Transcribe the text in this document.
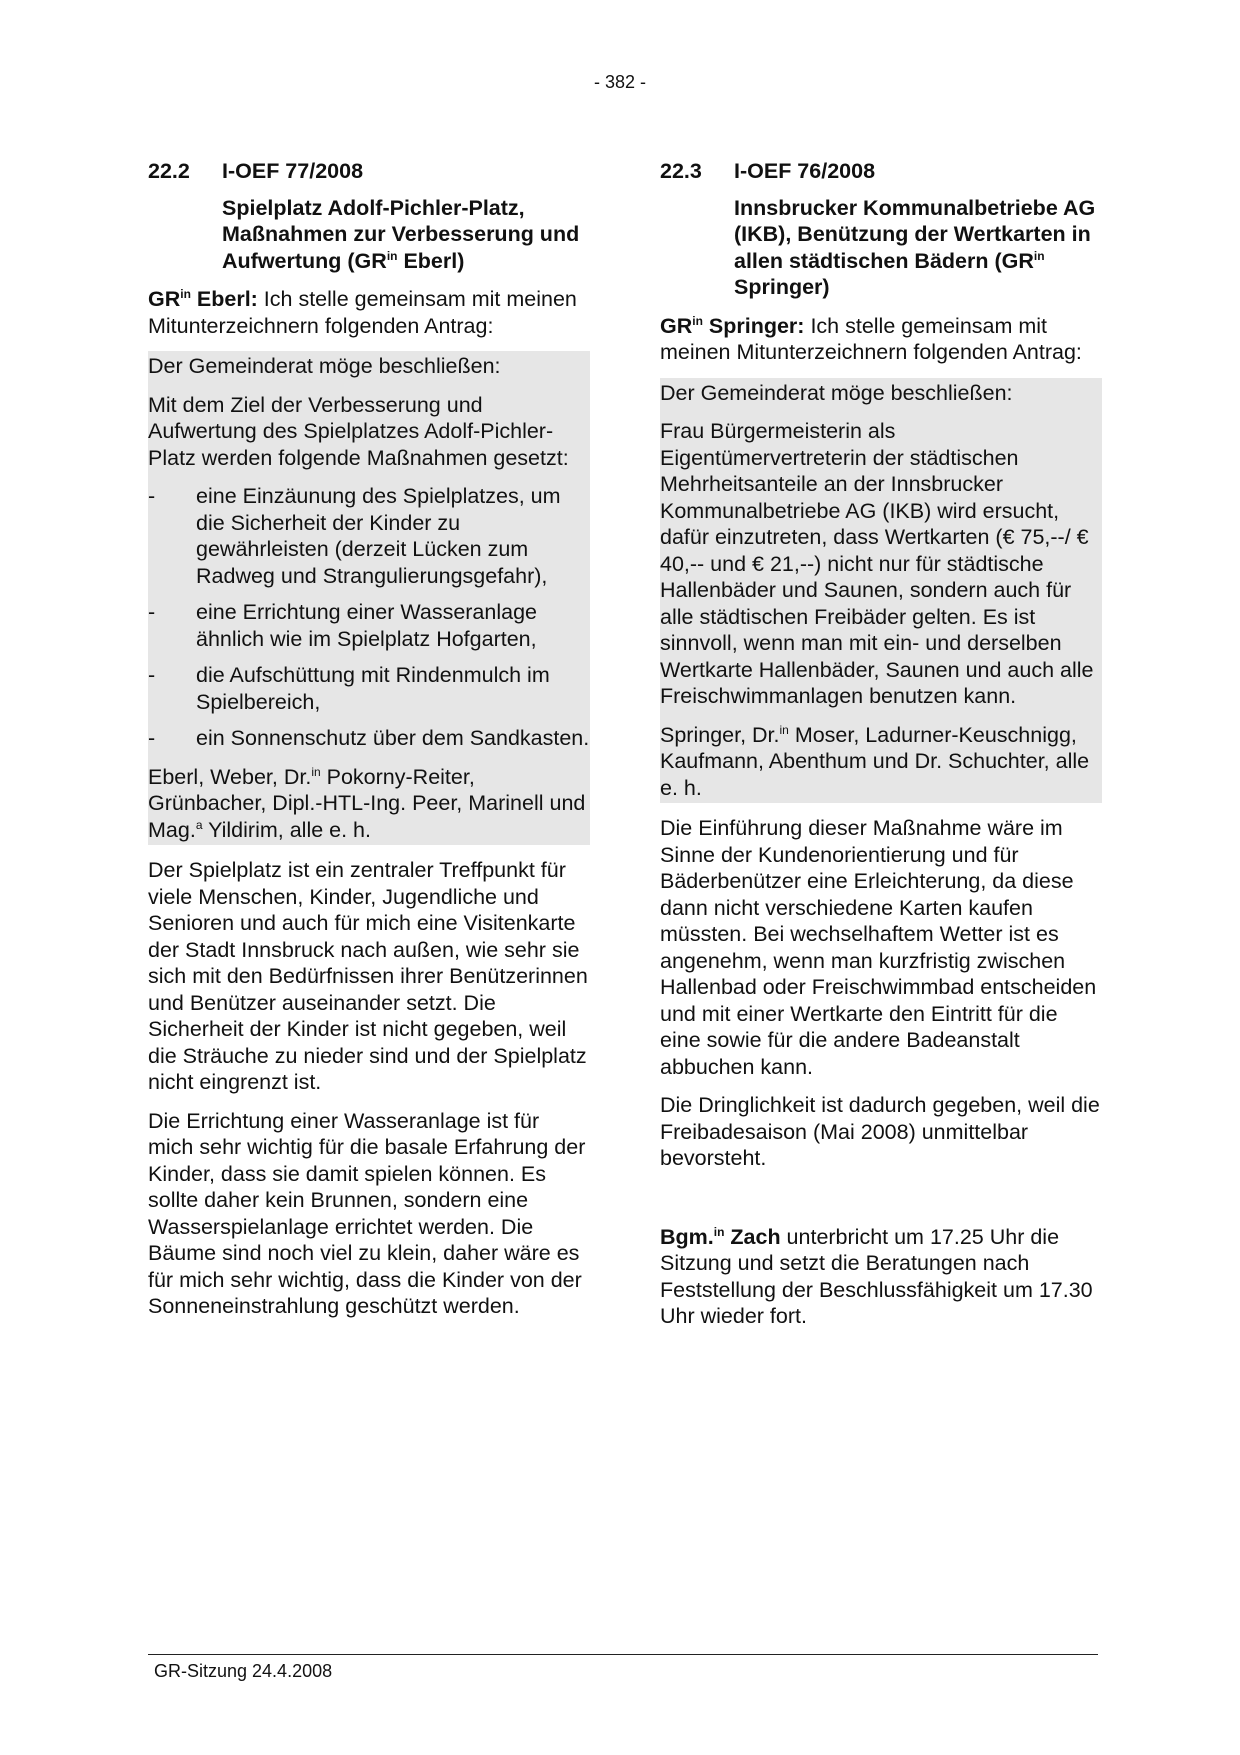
- 382 -
22.2	I-OEF 77/2008
Spielplatz Adolf-Pichler-Platz, Maßnahmen zur Verbesserung und Aufwertung ($GR^{in}$ Eberl)

$GR^{in}$ Eberl: Ich stelle gemeinsam mit meinen Mitunterzeichnern folgenden Antrag:

Der Gemeinderat möge beschließen:

Mit dem Ziel der Verbesserung und Aufwertung des Spielplatzes Adolf-Pichler-Platz werden folgende Maßnahmen gesetzt:

-	eine Einzäunung des Spielplatzes, um die Sicherheit der Kinder zu gewährleisten (derzeit Lücken zum Radweg und Strangulierungsgefahr),
-	eine Errichtung einer Wasseranlage ähnlich wie im Spielplatz Hofgarten,
-	die Aufschüttung mit Rindenmulch im Spielbereich,
-	ein Sonnenschutz über dem Sandkasten.

Eberl, Weber, Dr.$^{in}$ Pokorny-Reiter, Grünbacher, Dipl.-HTL-Ing. Peer, Marinell und Mag.$^a$ Yildirim, alle e. h.

Der Spielplatz ist ein zentraler Treffpunkt für viele Menschen, Kinder, Jugendliche und Senioren und auch für mich eine Visitenkarte der Stadt Innsbruck nach außen, wie sehr sie sich mit den Bedürfnissen ihrer Benützerinnen und Benützer auseinander setzt. Die Sicherheit der Kinder ist nicht gegeben, weil die Sträuche zu nieder sind und der Spielplatz nicht eingrenzt ist.

Die Errichtung einer Wasseranlage ist für mich sehr wichtig für die basale Erfahrung der Kinder, dass sie damit spielen können. Es sollte daher kein Brunnen, sondern eine Wasserspielanlage errichtet werden. Die Bäume sind noch viel zu klein, daher wäre es für mich sehr wichtig, dass die Kinder von der Sonneneinstrahlung geschützt werden.

22.3	I-OEF 76/2008
Innsbrucker Kommunalbetriebe AG (IKB), Benützung der Wertkarten in allen städtischen Bädern ($GR^{in}$ Springer)

$GR^{in}$ Springer: Ich stelle gemeinsam mit meinen Mitunterzeichnern folgenden Antrag:

Der Gemeinderat möge beschließen:

Frau Bürgermeisterin als Eigentümervertreterin der städtischen Mehrheitsanteile an der Innsbrucker Kommunalbetriebe AG (IKB) wird ersucht, dafür einzutreten, dass Wertkarten (€ 75,--/ € 40,-- und € 21,--) nicht nur für städtische Hallenbäder und Saunen, sondern auch für alle städtischen Freibäder gelten. Es ist sinnvoll, wenn man mit ein- und derselben Wertkarte Hallenbäder, Saunen und auch alle Freischwimmanlagen benutzen kann.

Springer, Dr.$^{in}$ Moser, Ladurner-Keuschnigg, Kaufmann, Abenthum und Dr. Schuchter, alle e. h.

Die Einführung dieser Maßnahme wäre im Sinne der Kundenorientierung und für Bäderbenützer eine Erleichterung, da diese dann nicht verschiedene Karten kaufen müssten. Bei wechselhaftem Wetter ist es angenehm, wenn man kurzfristig zwischen Hallenbad oder Freischwimmbad entscheiden und mit einer Wertkarte den Eintritt für die eine sowie für die andere Badeanstalt abbuchen kann.

Die Dringlichkeit ist dadurch gegeben, weil die Freibadesaison (Mai 2008) unmittelbar bevorsteht.

Bgm.$^{in}$ Zach unterbricht um 17.25 Uhr die Sitzung und setzt die Beratungen nach Feststellung der Beschlussfähigkeit um 17.30 Uhr wieder fort.

GR-Sitzung 24.4.2008
